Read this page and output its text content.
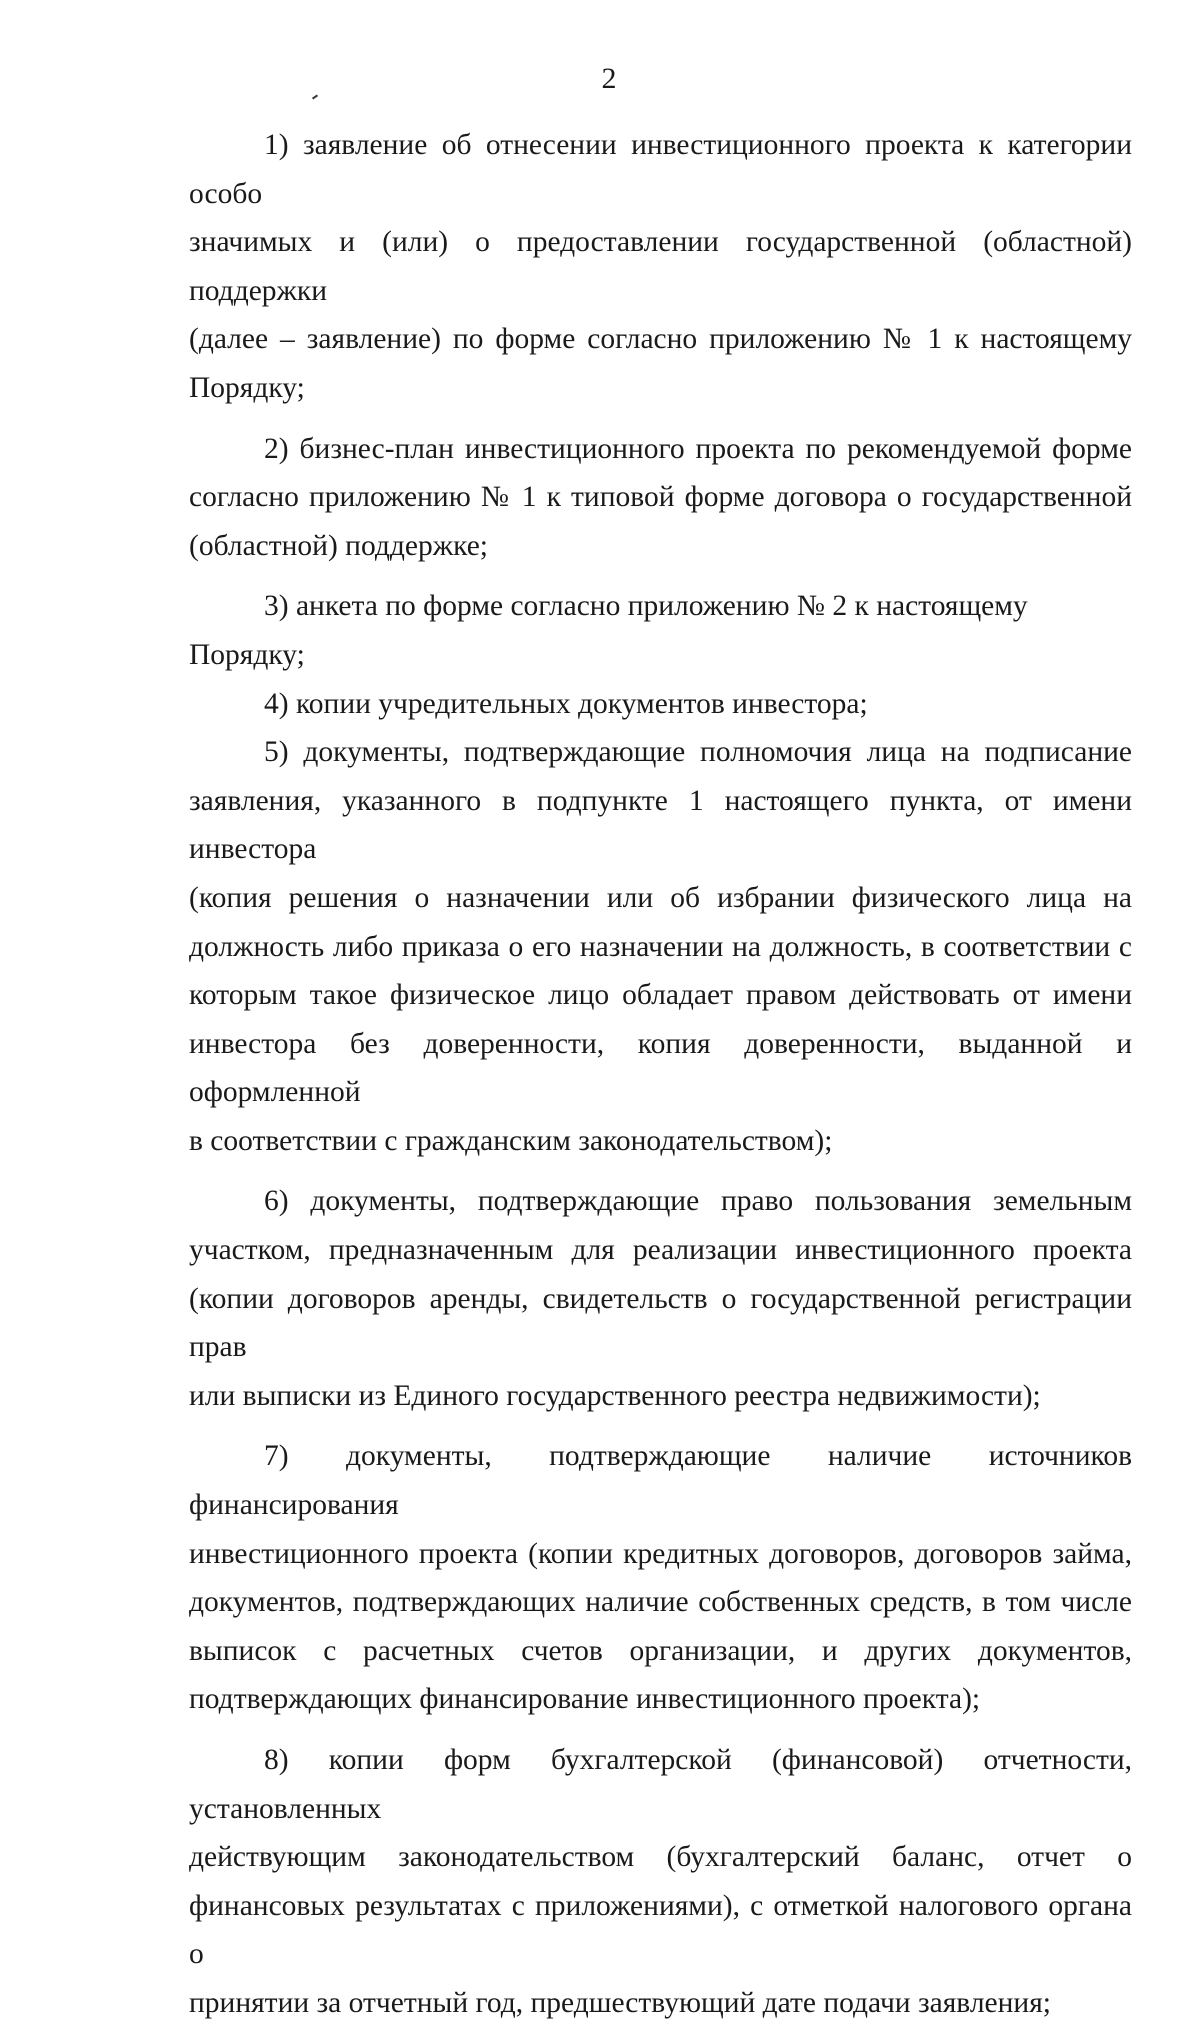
2
1) заявление об отнесении инвестиционного проекта к категории особо
значимых и (или) о предоставлении государственной (областной) поддержки
(далее – заявление) по форме согласно приложению № 1 к настоящему
Порядку;
2) бизнес-план инвестиционного проекта по рекомендуемой форме
согласно приложению № 1 к типовой форме договора о государственной
(областной) поддержке;
3) анкета по форме согласно приложению № 2 к настоящему Порядку;
4) копии учредительных документов инвестора;
5) документы, подтверждающие полномочия лица на подписание
заявления, указанного в подпункте 1 настоящего пункта, от имени инвестора
(копия решения о назначении или об избрании физического лица на
должность либо приказа о его назначении на должность, в соответствии с
которым такое физическое лицо обладает правом действовать от имени
инвестора без доверенности, копия доверенности, выданной и оформленной
в соответствии с гражданским законодательством);
6) документы, подтверждающие право пользования земельным
участком, предназначенным для реализации инвестиционного проекта
(копии договоров аренды, свидетельств о государственной регистрации прав
или выписки из Единого государственного реестра недвижимости);
7) документы, подтверждающие наличие источников финансирования
инвестиционного проекта (копии кредитных договоров, договоров займа,
документов, подтверждающих наличие собственных средств, в том числе
выписок с расчетных счетов организации, и других документов,
подтверждающих финансирование инвестиционного проекта);
8) копии форм бухгалтерской (финансовой) отчетности, установленных
действующим законодательством (бухгалтерский баланс, отчет о
финансовых результатах с приложениями), с отметкой налогового органа о
принятии за отчетный год, предшествующий дате подачи заявления;
